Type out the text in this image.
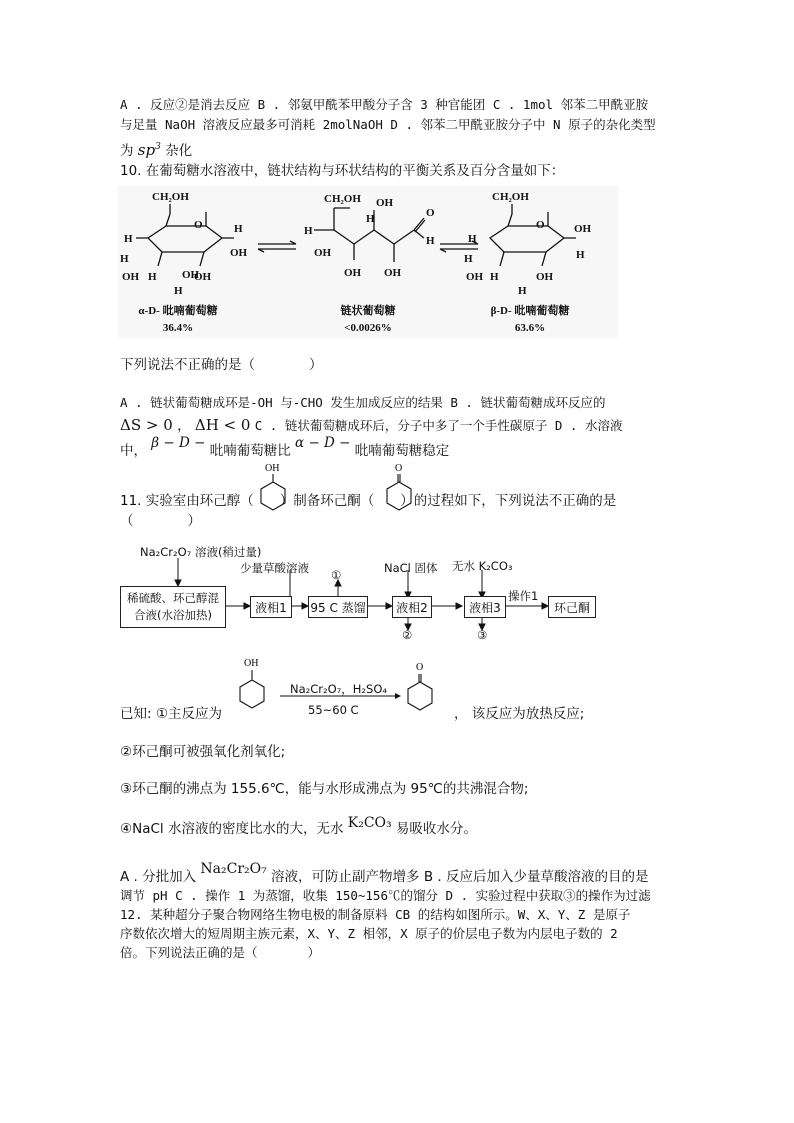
A . 反应②是消去反应 B . 邻氨甲酰苯甲酸分子含 3 种官能团 C . 1mol 邻苯二甲酰亚胺
与足量 NaOH 溶液反应最多可消耗 2molNaOH D . 邻苯二甲酰亚胺分子中 N 原子的杂化类型
为 $sp^3$ 杂化
10. 在葡萄糖水溶液中，链状结构与环状结构的平衡关系及百分含量如下：
CH₂OH
O
H
H
OH
H
OH H	OH
H
OH
CH₂OH OH
H
OH
H
OH OH
O
H
CH₂OH
O
H
OH
H
OH H	OH
H
H
α-D- 吡喃葡萄糖
36.4%
链状葡萄糖
<0.0026%
β-D- 吡喃葡萄糖
63.6%
下列说法不正确的是（　　　　）
A . 链状葡萄糖成环是-OH 与-CHO 发生加成反应的结果 B . 链状葡萄糖成环反应的
ΔS > 0 ， ΔH < 0 C . 链状葡萄糖成环后，分子中多了一个手性碳原子 D . 水溶液
中， β − D − 吡喃葡萄糖比 α − D − 吡喃葡萄糖稳定
11. 实验室由环己醇（ ）制备环己酮（ ）的过程如下，下列说法不正确的是
OH	O
（　　　　）
Na₂Cr₂O₇ 溶液(稍过量)
稀硫酸、环己醇混
合液(水浴加热)
液相1
少量草酸溶液
95 C 蒸馏
①
液相2
NaCl 固体
②
液相3
无水 K₂CO₃
③
操作1
环己酮
OH	O
Na₂Cr₂O₇，H₂SO₄
55~60 C
已知: ①主反应为	， 该反应为放热反应;
②环己酮可被强氧化剂氧化;
③环己酮的沸点为 155.6℃，能与水形成沸点为 95℃的共沸混合物;
④NaCl 水溶液的密度比水的大，无水 K₂CO₃ 易吸收水分。
A . 分批加入 Na₂Cr₂O₇ 溶液，可防止副产物增多 B . 反应后加入少量草酸溶液的目的是
调节 pH C . 操作 1 为蒸馏，收集 150~156℃的馏分 D . 实验过程中获取③的操作为过滤
12. 某种超分子聚合物网络生物电极的制备原料 CB 的结构如图所示。W、X、Y、Z 是原子
序数依次增大的短周期主族元素，X、Y、Z 相邻，X 原子的价层电子数为内层电子数的 2
倍。下列说法正确的是（　　　　）
